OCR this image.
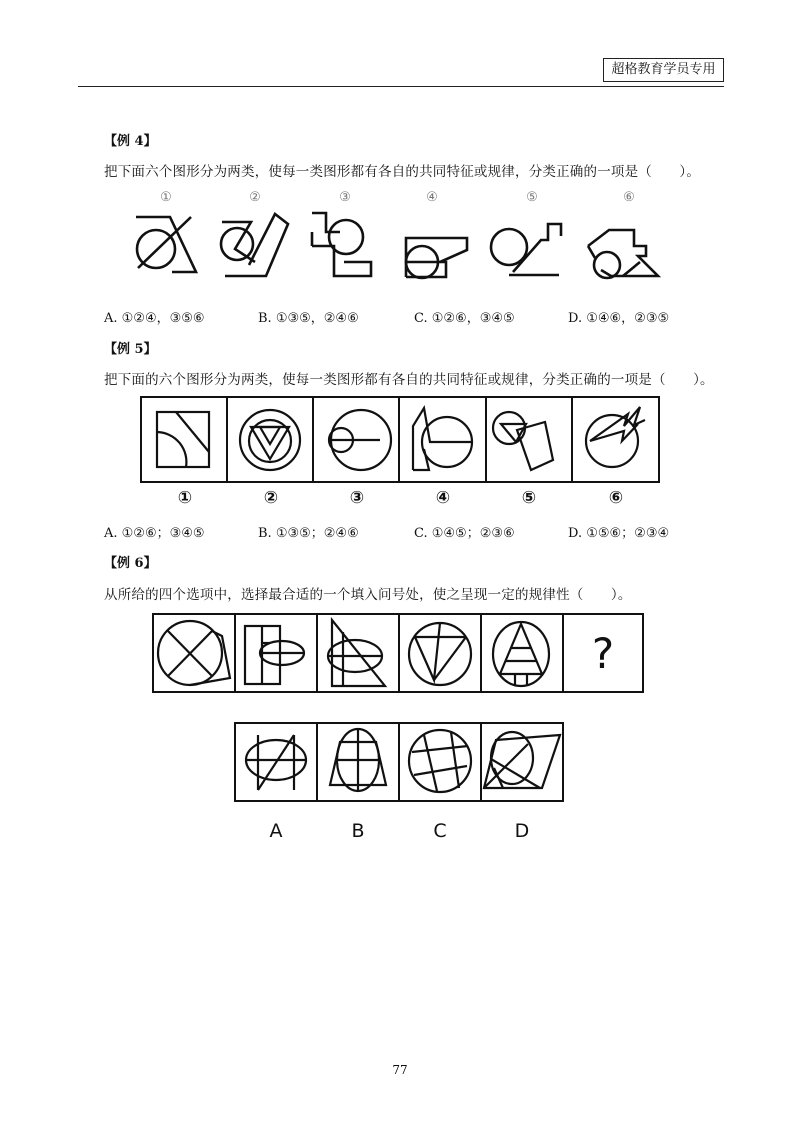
超格教育学员专用
【例 4】
把下面六个图形分为两类，使每一类图形都有各自的共同特征或规律，分类正确的一项是（　　）。
①	②	③	④	⑤	⑥
A. ①②④，③⑤⑥	B. ①③⑤，②④⑥	C. ①②⑥，③④⑤	D. ①④⑥，②③⑤
【例 5】
把下面的六个图形分为两类，使每一类图形都有各自的共同特征或规律，分类正确的一项是（　　）。
①	②	③	④	⑤	⑥
A. ①②⑥；③④⑤	B. ①③⑤；②④⑥	C. ①④⑤；②③⑥	D. ①⑤⑥；②③④
【例 6】
从所给的四个选项中，选择最合适的一个填入问号处，使之呈现一定的规律性（　　）。
?
A	B	C	D
77
